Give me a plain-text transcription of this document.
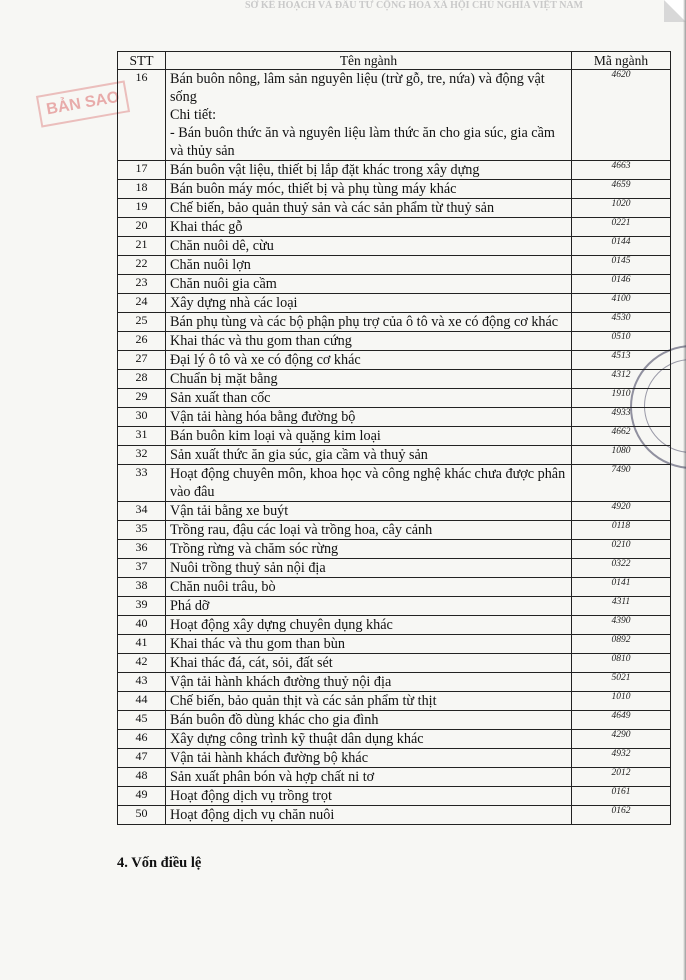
SỞ KẾ HOẠCH VÀ ĐẦU TƯ CỘNG HÒA XÃ HỘI CHỦ NGHĨA VIỆT NAM
BẢN SAO
STT	Tên ngành	Mã ngành
16	Bán buôn nông, lâm sản nguyên liệu (trừ gỗ, tre, nứa) và động vật sống
Chi tiết:
- Bán buôn thức ăn và nguyên liệu làm thức ăn cho gia súc, gia cầm và thủy sản	4620
17	Bán buôn vật liệu, thiết bị lắp đặt khác trong xây dựng	4663
18	Bán buôn máy móc, thiết bị và phụ tùng máy khác	4659
19	Chế biến, bảo quản thuỷ sản và các sản phẩm từ thuỷ sản	1020
20	Khai thác gỗ	0221
21	Chăn nuôi dê, cừu	0144
22	Chăn nuôi lợn	0145
23	Chăn nuôi gia cầm	0146
24	Xây dựng nhà các loại	4100
25	Bán phụ tùng và các bộ phận phụ trợ của ô tô và xe có động cơ khác	4530
26	Khai thác và thu gom than cứng	0510
27	Đại lý ô tô và xe có động cơ khác	4513
28	Chuẩn bị mặt bằng	4312
29	Sản xuất than cốc	1910
30	Vận tải hàng hóa bằng đường bộ	4933
31	Bán buôn kim loại và quặng kim loại	4662
32	Sản xuất thức ăn gia súc, gia cầm và thuỷ sản	1080
33	Hoạt động chuyên môn, khoa học và công nghệ khác chưa được phân vào đâu	7490
34	Vận tải bằng xe buýt	4920
35	Trồng rau, đậu các loại và trồng hoa, cây cảnh	0118
36	Trồng rừng và chăm sóc rừng	0210
37	Nuôi trồng thuỷ sản nội địa	0322
38	Chăn nuôi trâu, bò	0141
39	Phá dỡ	4311
40	Hoạt động xây dựng chuyên dụng khác	4390
41	Khai thác và thu gom than bùn	0892
42	Khai thác đá, cát, sỏi, đất sét	0810
43	Vận tải hành khách đường thuỷ nội địa	5021
44	Chế biến, bảo quản thịt và các sản phẩm từ thịt	1010
45	Bán buôn đồ dùng khác cho gia đình	4649
46	Xây dựng công trình kỹ thuật dân dụng khác	4290
47	Vận tải hành khách đường bộ khác	4932
48	Sản xuất phân bón và hợp chất ni tơ	2012
49	Hoạt động dịch vụ trồng trọt	0161
50	Hoạt động dịch vụ chăn nuôi	0162
4. Vốn điều lệ
